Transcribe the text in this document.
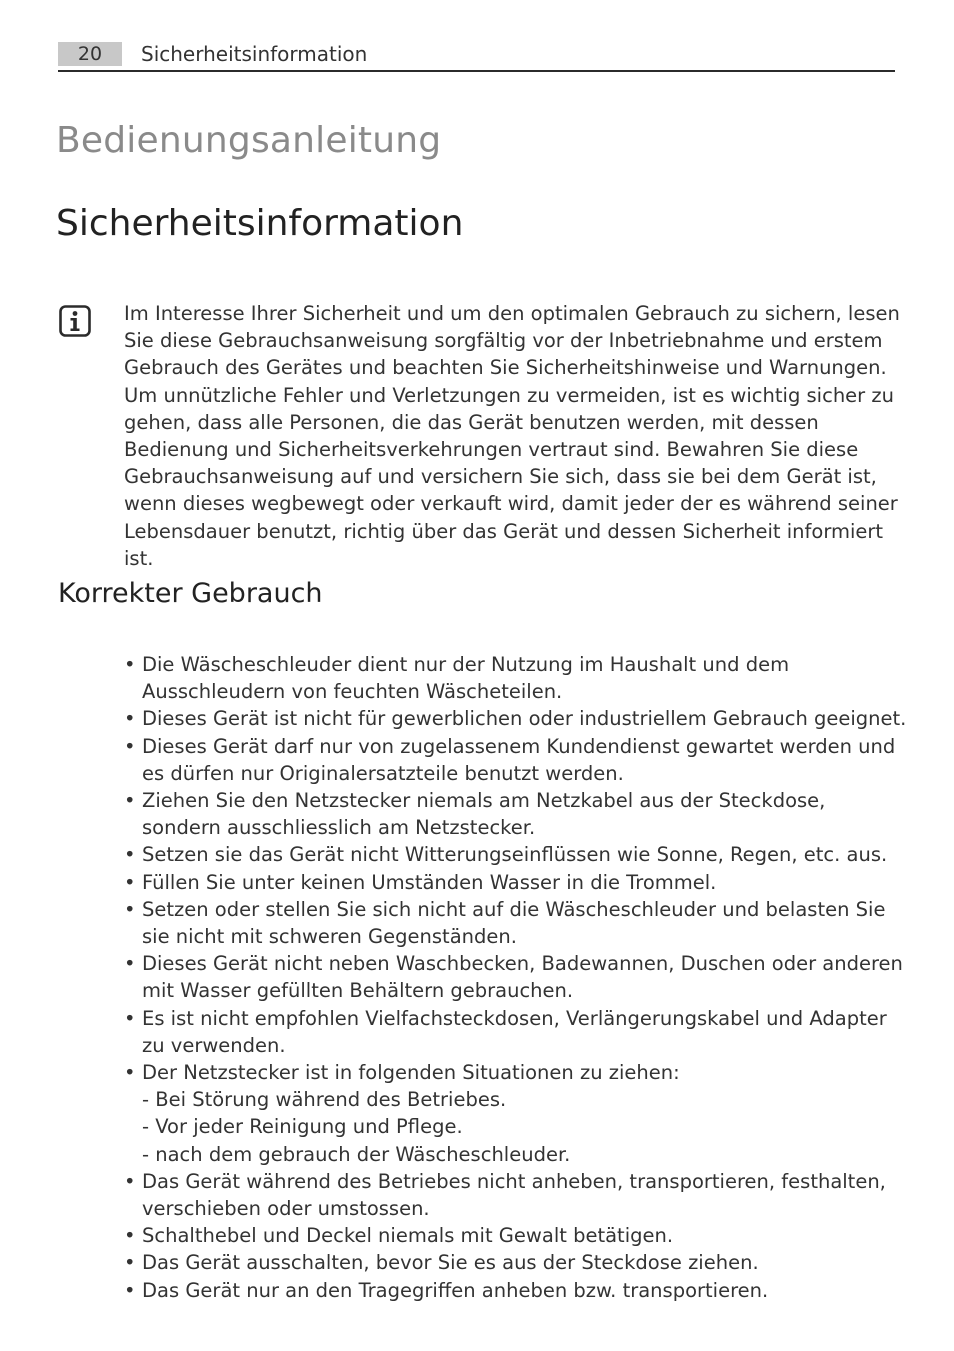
20	Sicherheitsinformation
Bedienungsanleitung
Sicherheitsinformation

Im Interesse Ihrer Sicherheit und um den optimalen Gebrauch zu sichern, lesen Sie diese Gebrauchsanweisung sorgfältig vor der Inbetriebnahme und erstem Gebrauch des Gerätes und beachten Sie Sicherheitshinweise und Warnungen. Um unnützliche Fehler und Verletzungen zu vermeiden, ist es wichtig sicher zu gehen, dass alle Personen, die das Gerät benutzen werden, mit dessen Bedienung und Sicherheitsverkehrungen vertraut sind. Bewahren Sie diese Gebrauchsanweisung auf und versichern Sie sich, dass sie bei dem Gerät ist, wenn dieses wegbewegt oder verkauft wird, damit jeder der es während seiner Lebensdauer benutzt, richtig über das Gerät und dessen Sicherheit informiert ist.

Korrekter Gebrauch
• Die Wäscheschleuder dient nur der Nutzung im Haushalt und dem Ausschleudern von feuchten Wäscheteilen.
• Dieses Gerät ist nicht für gewerblichen oder industriellem Gebrauch geeignet.
• Dieses Gerät darf nur von zugelassenem Kundendienst gewartet werden und es dürfen nur Originalersatzteile benutzt werden.
• Ziehen Sie den Netzstecker niemals am Netzkabel aus der Steckdose, sondern ausschliesslich am Netzstecker.
• Setzen sie das Gerät nicht Witterungseinflüssen wie Sonne, Regen, etc. aus.
• Füllen Sie unter keinen Umständen Wasser in die Trommel.
• Setzen oder stellen Sie sich nicht auf die Wäscheschleuder und belasten Sie sie nicht mit schweren Gegenständen.
• Dieses Gerät nicht neben Waschbecken, Badewannen, Duschen oder anderen mit Wasser gefüllten Behältern gebrauchen.
• Es ist nicht empfohlen Vielfachsteckdosen, Verlängerungskabel und Adapter zu verwenden.
• Der Netzstecker ist in folgenden Situationen zu ziehen:
- Bei Störung während des Betriebes.
- Vor jeder Reinigung und Pflege.
- nach dem gebrauch der Wäscheschleuder.
• Das Gerät während des Betriebes nicht anheben, transportieren, festhalten, verschieben oder umstossen.
• Schalthebel und Deckel niemals mit Gewalt betätigen.
• Das Gerät ausschalten, bevor Sie es aus der Steckdose ziehen.
• Das Gerät nur an den Tragegriffen anheben bzw. transportieren.
